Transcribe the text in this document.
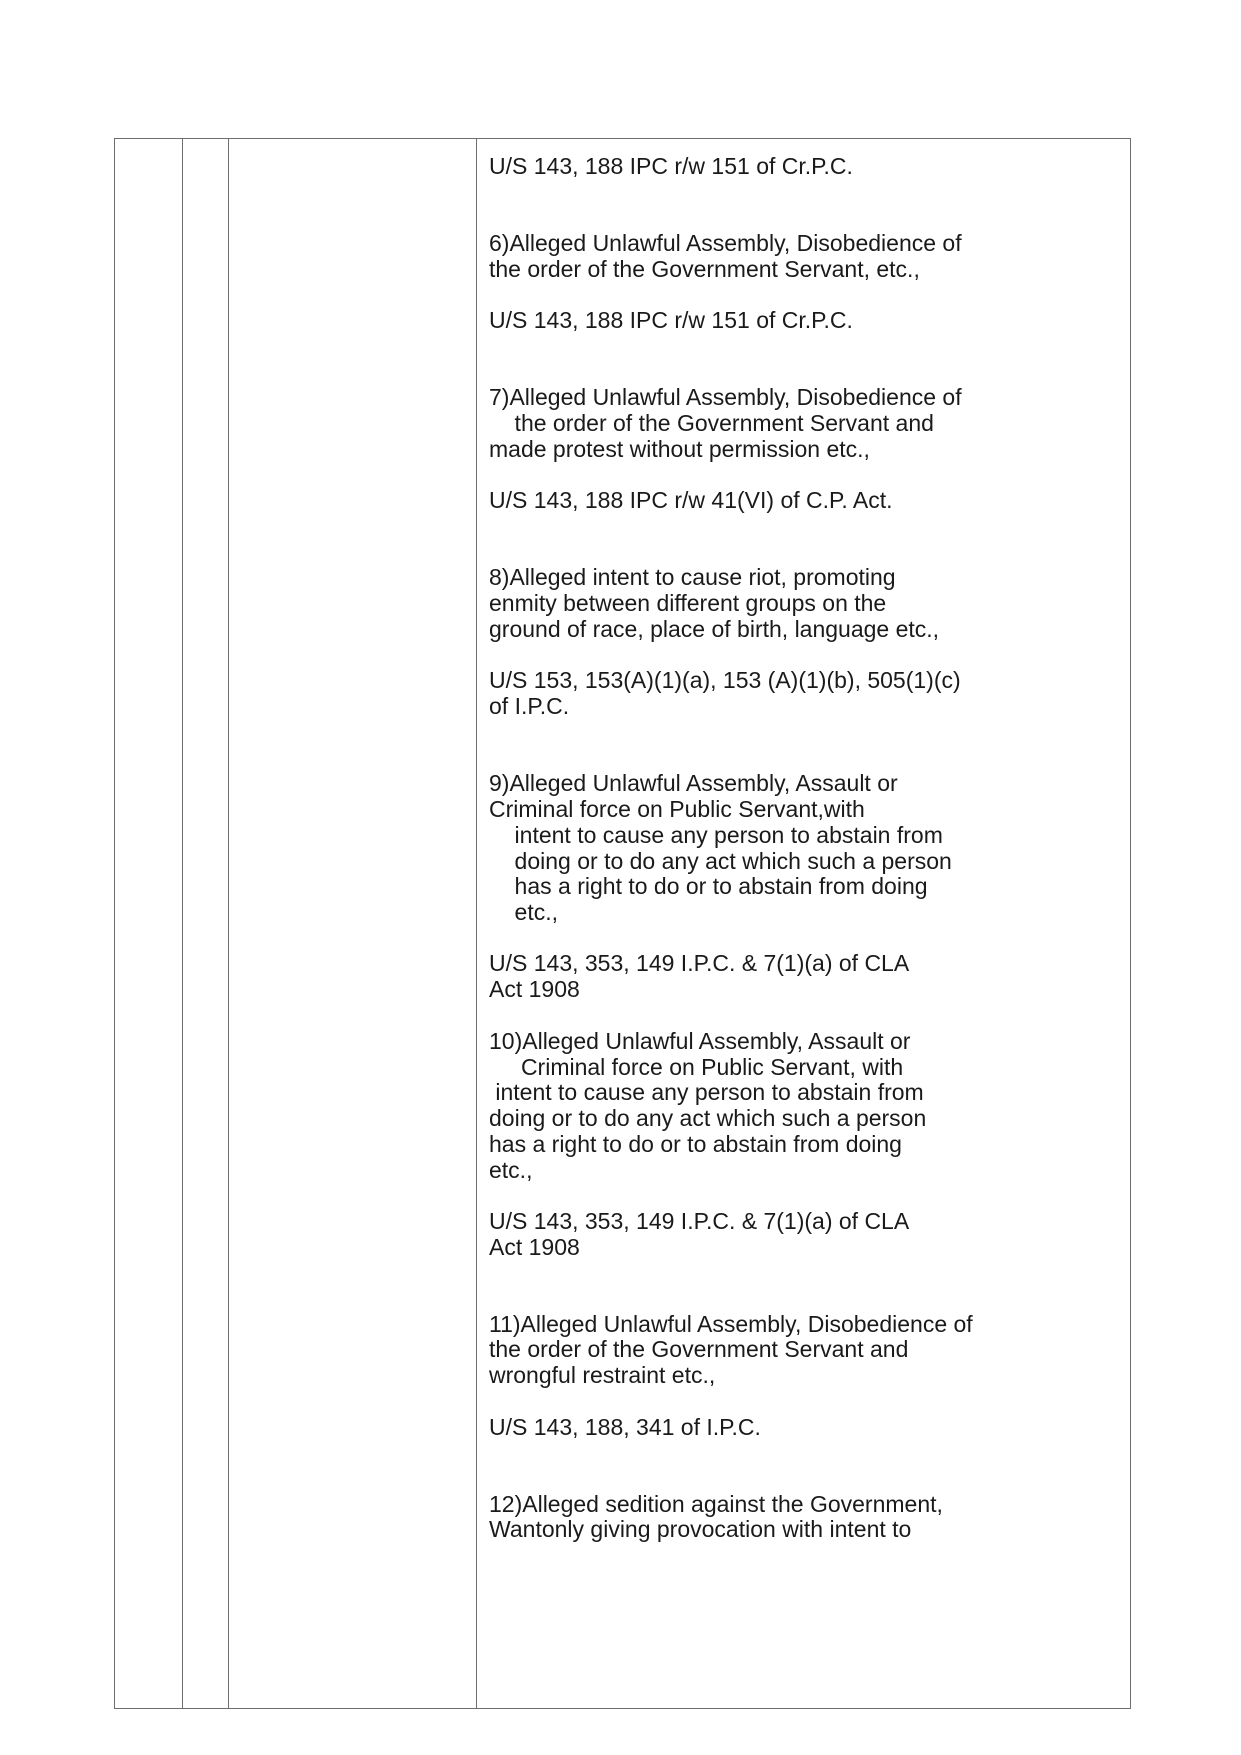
U/S 143, 188 IPC r/w 151 of Cr.P.C.
6)Alleged Unlawful Assembly, Disobedience of
the order of the Government Servant, etc.,
U/S 143, 188 IPC r/w 151 of Cr.P.C.
7)Alleged Unlawful Assembly, Disobedience of
the order of the Government Servant and
made protest without permission etc.,
U/S 143, 188 IPC r/w 41(VI) of C.P. Act.
8)Alleged intent to cause riot, promoting
enmity between different groups on the
ground of race, place of birth, language etc.,
U/S 153, 153(A)(1)(a), 153 (A)(1)(b), 505(1)(c)
of I.P.C.
9)Alleged Unlawful Assembly, Assault or
Criminal force on Public Servant,with
intent to cause any person to abstain from
doing or to do any act which such a person
has a right to do or to abstain from doing
etc.,
U/S 143, 353, 149 I.P.C. & 7(1)(a) of CLA
Act 1908
10)Alleged Unlawful Assembly, Assault or
Criminal force on Public Servant, with
intent to cause any person to abstain from
doing or to do any act which such a person
has a right to do or to abstain from doing
etc.,
U/S 143, 353, 149 I.P.C. & 7(1)(a) of CLA
Act 1908
11)Alleged Unlawful Assembly, Disobedience of
the order of the Government Servant and
wrongful restraint etc.,
U/S 143, 188, 341 of I.P.C.
12)Alleged sedition against the Government,
Wantonly giving provocation with intent to
